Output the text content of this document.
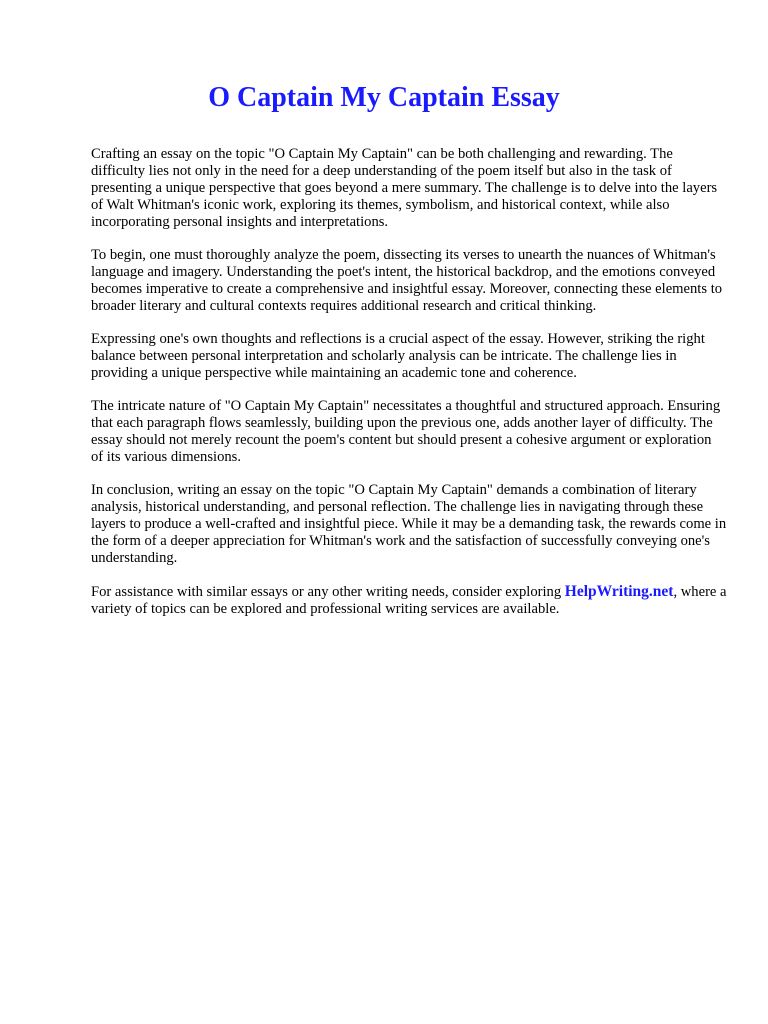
O Captain My Captain Essay

Crafting an essay on the topic "O Captain My Captain" can be both challenging and rewarding. The difficulty lies not only in the need for a deep understanding of the poem itself but also in the task of presenting a unique perspective that goes beyond a mere summary. The challenge is to delve into the layers of Walt Whitman's iconic work, exploring its themes, symbolism, and historical context, while also incorporating personal insights and interpretations.

To begin, one must thoroughly analyze the poem, dissecting its verses to unearth the nuances of Whitman's language and imagery. Understanding the poet's intent, the historical backdrop, and the emotions conveyed becomes imperative to create a comprehensive and insightful essay. Moreover, connecting these elements to broader literary and cultural contexts requires additional research and critical thinking.

Expressing one's own thoughts and reflections is a crucial aspect of the essay. However, striking the right balance between personal interpretation and scholarly analysis can be intricate. The challenge lies in providing a unique perspective while maintaining an academic tone and coherence.

The intricate nature of "O Captain My Captain" necessitates a thoughtful and structured approach. Ensuring that each paragraph flows seamlessly, building upon the previous one, adds another layer of difficulty. The essay should not merely recount the poem's content but should present a cohesive argument or exploration of its various dimensions.

In conclusion, writing an essay on the topic "O Captain My Captain" demands a combination of literary analysis, historical understanding, and personal reflection. The challenge lies in navigating through these layers to produce a well-crafted and insightful piece. While it may be a demanding task, the rewards come in the form of a deeper appreciation for Whitman's work and the satisfaction of successfully conveying one's understanding.

For assistance with similar essays or any other writing needs, consider exploring HelpWriting.net, where a variety of topics can be explored and professional writing services are available.
